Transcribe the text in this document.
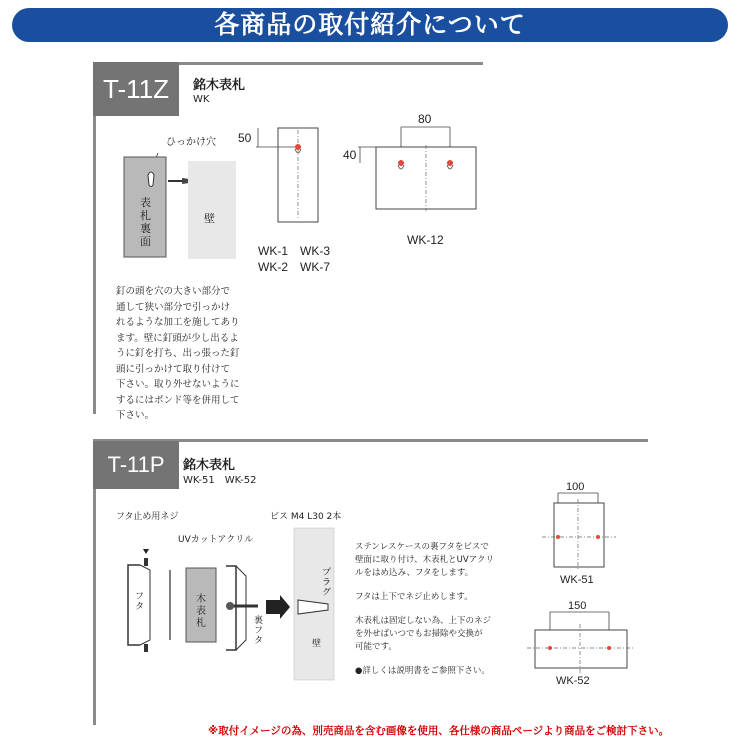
各商品の取付紹介について
T-11Z	銘木表札
WK
ひっかけ穴
表札裏面
壁
50
WK-1　WK-3
WK-2　WK-7
80
40
WK-12
釘の頭を穴の大きい部分で
通して狭い部分で引っかけ
れるような加工を施してあり
ます。壁に釘頭が少し出るよ
うに釘を打ち、出っ張った釘
頭に引っかけて取り付けて
下さい。取り外せないように
するにはボンド等を併用して
下さい。
T-11P	銘木表札
WK-51　WK-52
フタ止め用ネジ
UVカットアクリル
ビス M4 L30 2本
フタ
木表札	裏フタ
プラグ
壁
ステンレスケースの裏フタをビスで
壁面に取り付け、木表札とUVアクリ
ルをはめ込み、フタをします。
フタは上下でネジ止めします。
木表札は固定しない為、上下のネジ
を外せばいつでもお掃除や交換が
可能です。
●詳しくは説明書をご参照下さい。
100
WK-51
150
WK-52
※取付イメージの為、別売商品を含む画像を使用、各仕様の商品ページより商品をご検討下さい。
